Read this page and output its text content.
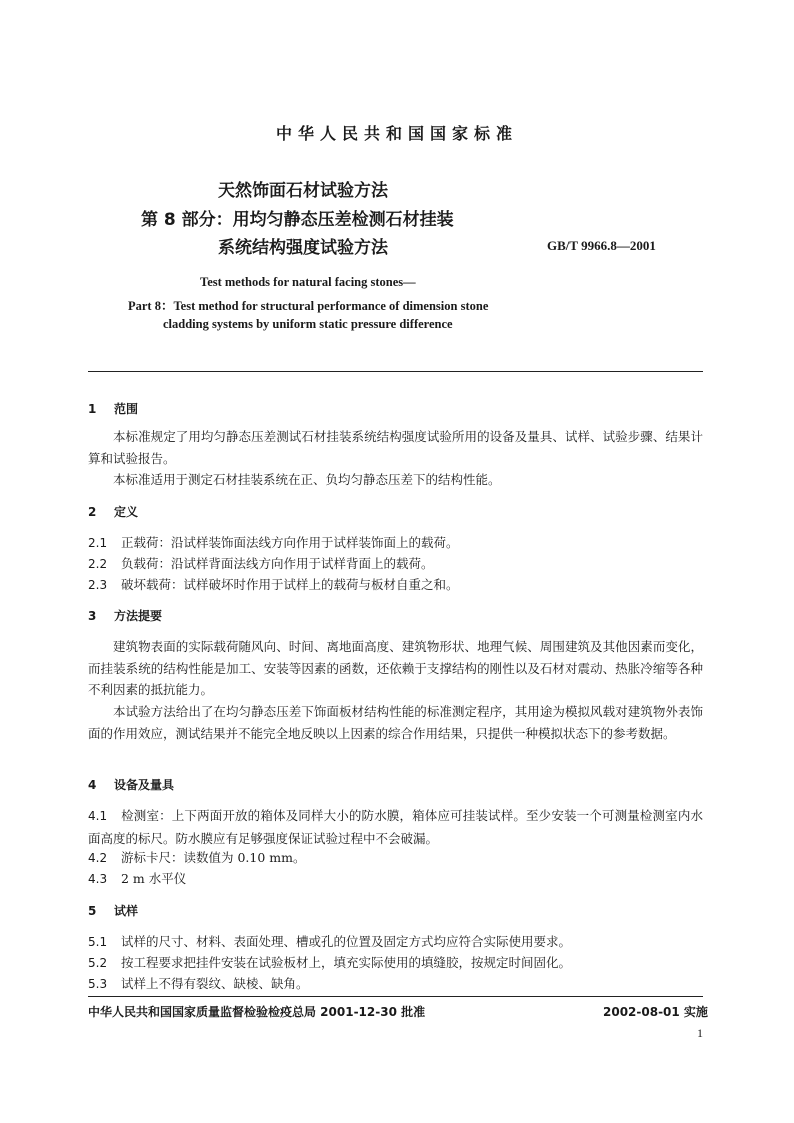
中华人民共和国国家标准
天然饰面石材试验方法
第 8 部分：用均匀静态压差检测石材挂装
系统结构强度试验方法	GB/T 9966.8—2001
Test methods for natural facing stones—
Part 8：Test method for structural performance of dimension stone
cladding systems by uniform static pressure difference
1 范围
本标准规定了用均匀静态压差测试石材挂装系统结构强度试验所用的设备及量具、试样、试验步骤、结果计算和试验报告。
本标准适用于测定石材挂装系统在正、负均匀静态压差下的结构性能。
2 定义
2.1 正载荷：沿试样装饰面法线方向作用于试样装饰面上的载荷。
2.2 负载荷：沿试样背面法线方向作用于试样背面上的载荷。
2.3 破坏载荷：试样破坏时作用于试样上的载荷与板材自重之和。
3 方法提要
建筑物表面的实际载荷随风向、时间、离地面高度、建筑物形状、地理气候、周围建筑及其他因素而变化，而挂装系统的结构性能是加工、安装等因素的函数，还依赖于支撑结构的刚性以及石材对震动、热胀冷缩等各种不利因素的抵抗能力。
本试验方法给出了在均匀静态压差下饰面板材结构性能的标准测定程序，其用途为模拟风载对建筑物外表饰面的作用效应，测试结果并不能完全地反映以上因素的综合作用结果，只提供一种模拟状态下的参考数据。
4 设备及量具
4.1 检测室：上下两面开放的箱体及同样大小的防水膜，箱体应可挂装试样。至少安装一个可测量检测室内水面高度的标尺。防水膜应有足够强度保证试验过程中不会破漏。
4.2 游标卡尺：读数值为 0.10 mm。
4.3 2 m 水平仪
5 试样
5.1 试样的尺寸、材料、表面处理、槽或孔的位置及固定方式均应符合实际使用要求。
5.2 按工程要求把挂件安装在试验板材上，填充实际使用的填缝胶，按规定时间固化。
5.3 试样上不得有裂纹、缺棱、缺角。
中华人民共和国国家质量监督检验检疫总局 2001-12-30 批准	2002-08-01 实施
1
